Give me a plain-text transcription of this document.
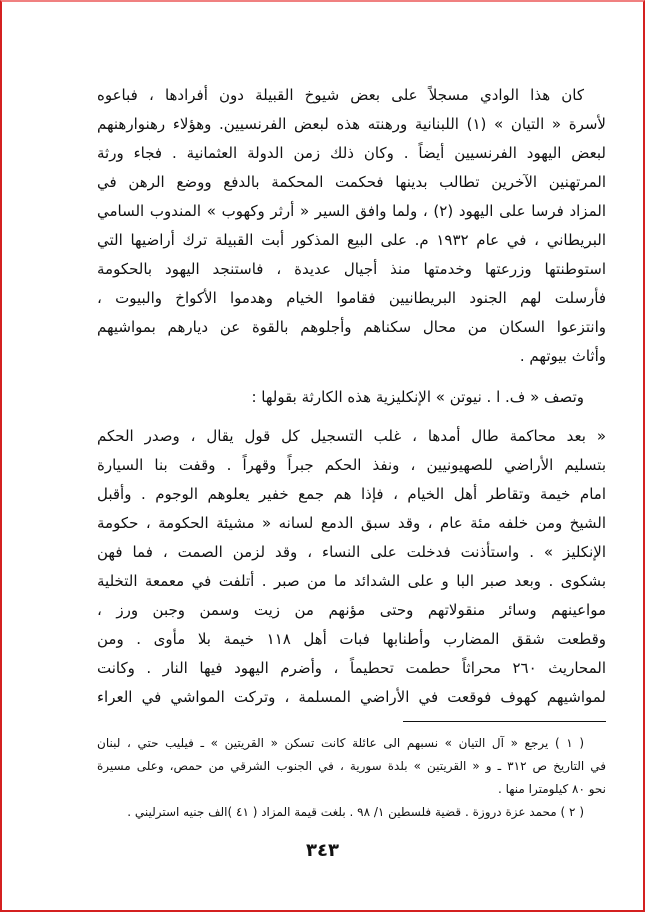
كان هذا الوادي مسجلاً على بعض شيوخ القبيلة دون أفرادها ، فباعوه
لأسرة « التيان » (١) اللبنانية ورهنته هذه لبعض الفرنسيين. وهؤلاء رهنوارهنهم
لبعض اليهود الفرنسيين أيضاً . وكان ذلك زمن الدولة العثمانية . فجاء ورثة
المرتهنين الآخرين تطالب بدينها فحكمت المحكمة بالدفع ووضع الرهن في
المزاد فرسا على اليهود (٢) ، ولما وافق السير « أرثر وكهوب » المندوب السامي
البريطاني ، في عام ١٩٣٢ م. على البيع المذكور أبت القبيلة ترك أراضيها التي
استوطنتها وزرعتها وخدمتها منذ أجيال عديدة ، فاستنجد اليهود بالحكومة
فأرسلت لهم الجنود البريطانيين فقاموا الخيام وهدموا الأكواخ والبيوت ،
وانتزعوا السكان من محال سكناهم وأجلوهم بالقوة عن ديارهم بمواشيهم
وأثاث بيوتهم .
وتصف « ف. ا . نيوتن » الإنكليزية هذه الكارثة بقولها :
« بعد محاكمة طال أمدها ، غلب التسجيل كل قول يقال ، وصدر الحكم
بتسليم الأراضي للصهيونيين ، ونفذ الحكم جبراً وقهراً . وقفت بنا السيارة
امام خيمة وتقاطر أهل الخيام ، فإذا هم جمع خفير يعلوهم الوجوم . وأقبل
الشيخ ومن خلفه مئة عام ، وقد سبق الدمع لسانه « مشيئة الحكومة ، حكومة
الإنكليز » . واستأذنت فدخلت على النساء ، وقد لزمن الصمت ، فما فهن
بشكوى . وبعد صبر البا و على الشدائد ما من صبر . أتلفت في معمعة التخلية
مواعينهم وسائر منقولاتهم وحتى مؤنهم من زيت وسمن وجبن ورز ،
وقطعت شقق المضارب وأطنابها فبات أهل ١١٨ خيمة بلا مأوى . ومن
المحاريث ٢٦٠ محراثاً حطمت تحطيماً ، وأضرم اليهود فيها النار . وكانت
لمواشيهم كهوف فوقعت في الأراضي المسلمة ، وتركت المواشي في العراء
( ١ ) يرجع « آل التيان » نسبهم الى عائلة كانت تسكن « القريتين » ـ فيليب حتي ، لبنان
في التاريخ ص ٣١٢ ـ و « القريتين » بلدة سورية ، في الجنوب الشرقي من حمص، وعلى مسيرة
نحو ٨٠ كيلومترا منها .
( ٢ ) محمد عزة دروزة . قضية فلسطين ١/ ٩٨ . بلغت قيمة المزاد ( ٤١ )الف جنيه استرليني .
٣٤٣
